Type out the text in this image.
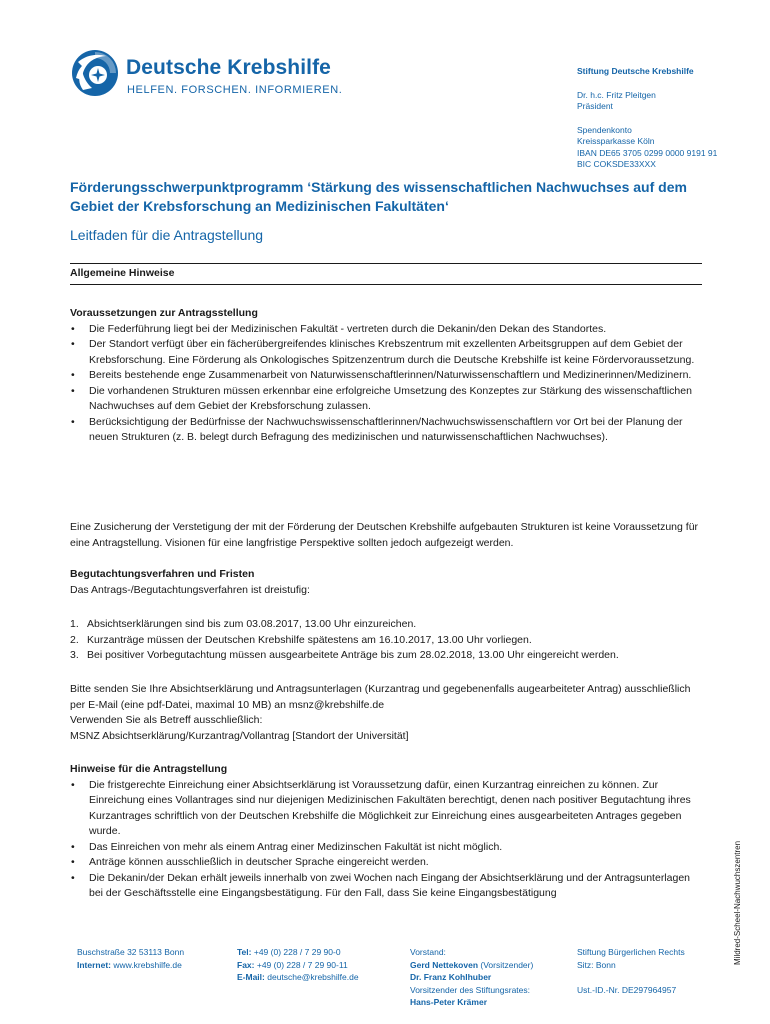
Deutsche Krebshilfe
HELFEN. FORSCHEN. INFORMIEREN.
Stiftung Deutsche Krebshilfe
Dr. h.c. Fritz Pleitgen
Präsident
Spendenkonto
Kreissparkasse Köln
IBAN DE65 3705 0299 0000 9191 91
BIC COKSDE33XXX
Förderungsschwerpunktprogramm ‘Stärkung des wissenschaftlichen Nachwuchses auf dem Gebiet der Krebsforschung an Medizinischen Fakultäten‘
Leitfaden für die Antragstellung
Allgemeine Hinweise

Voraussetzungen zur Antragsstellung

• Die Federführung liegt bei der Medizinischen Fakultät - vertreten durch die Dekanin/den Dekan des Standortes.
• Der Standort verfügt über ein fächerübergreifendes klinisches Krebszentrum mit exzellenten Arbeitsgruppen auf dem Gebiet der Krebsforschung. Eine Förderung als Onkologisches Spitzenzentrum durch die Deutsche Krebshilfe ist keine Fördervoraussetzung.
• Bereits bestehende enge Zusammenarbeit von Naturwissenschaftlerinnen/Naturwissenschaftlern und Medizinerinnen/Medizinern.
• Die vorhandenen Strukturen müssen erkennbar eine erfolgreiche Umsetzung des Konzeptes zur Stärkung des wissenschaftlichen Nachwuchses auf dem Gebiet der Krebsforschung zulassen.
• Berücksichtigung der Bedürfnisse der Nachwuchswissenschaftlerinnen/Nachwuchswissenschaftlern vor Ort bei der Planung der neuen Strukturen (z. B. belegt durch Befragung des medizinischen und naturwissenschaftlichen Nachwuchses).
Eine Zusicherung der Verstetigung der mit der Förderung der Deutschen Krebshilfe aufgebauten Strukturen ist keine Voraussetzung für eine Antragstellung. Visionen für eine langfristige Perspektive sollten jedoch aufgezeigt werden.

Begutachtungsverfahren und Fristen

Das Antrags-/Begutachtungsverfahren ist dreistufig:

1. Absichtserklärungen sind bis zum 03.08.2017, 13.00 Uhr einzureichen.
2. Kurzanträge müssen der Deutschen Krebshilfe spätestens am 16.10.2017, 13.00 Uhr vorliegen.
3. Bei positiver Vorbegutachtung müssen ausgearbeitete Anträge bis zum 28.02.2018, 13.00 Uhr eingereicht werden.

Bitte senden Sie Ihre Absichtserklärung und Antragsunterlagen (Kurzantrag und gegebenenfalls augearbeiteter Antrag) ausschließlich per E-Mail (eine pdf-Datei, maximal 10 MB) an msnz@krebshilfe.de

Verwenden Sie als Betreff ausschließlich:

MSNZ Absichtserklärung/Kurzantrag/Vollantrag [Standort der Universität]

Hinweise für die Antragstellung

• Die fristgerechte Einreichung einer Absichtserklärung ist Voraussetzung dafür, einen Kurzantrag einreichen zu können. Zur Einreichung eines Vollantrages sind nur diejenigen Medizinischen Fakultäten berechtigt, denen nach positiver Begutachtung ihres Kurzantrages schriftlich von der Deutschen Krebshilfe die Möglichkeit zur Einreichung eines ausgearbeiteten Antrages gegeben wurde.
• Das Einreichen von mehr als einem Antrag einer Medizinschen Fakultät ist nicht möglich.
• Anträge können ausschließlich in deutscher Sprache eingereicht werden.
• Die Dekanin/der Dekan erhält jeweils innerhalb von zwei Wochen nach Eingang der Absichtserklärung und der Antragsunterlagen bei der Geschäftsstelle eine Eingangsbestätigung. Für den Fall, dass Sie keine Eingangsbestätigung	Mildred-Scheel-Nachwuchszentren
Buschstraße 32 53113 Bonn
Internet: www.krebshilfe.de
Tel: +49 (0) 228 / 7 29 90-0
Fax: +49 (0) 228 / 7 29 90-11
E-Mail: deutsche@krebshilfe.de
Vorstand:
Gerd Nettekoven (Vorsitzender)
Dr. Franz Kohlhuber
Vorsitzender des Stiftungsrates:
Hans-Peter Krämer
Stiftung Bürgerlichen Rechts
Sitz: Bonn
Ust.-ID.-Nr. DE297964957
